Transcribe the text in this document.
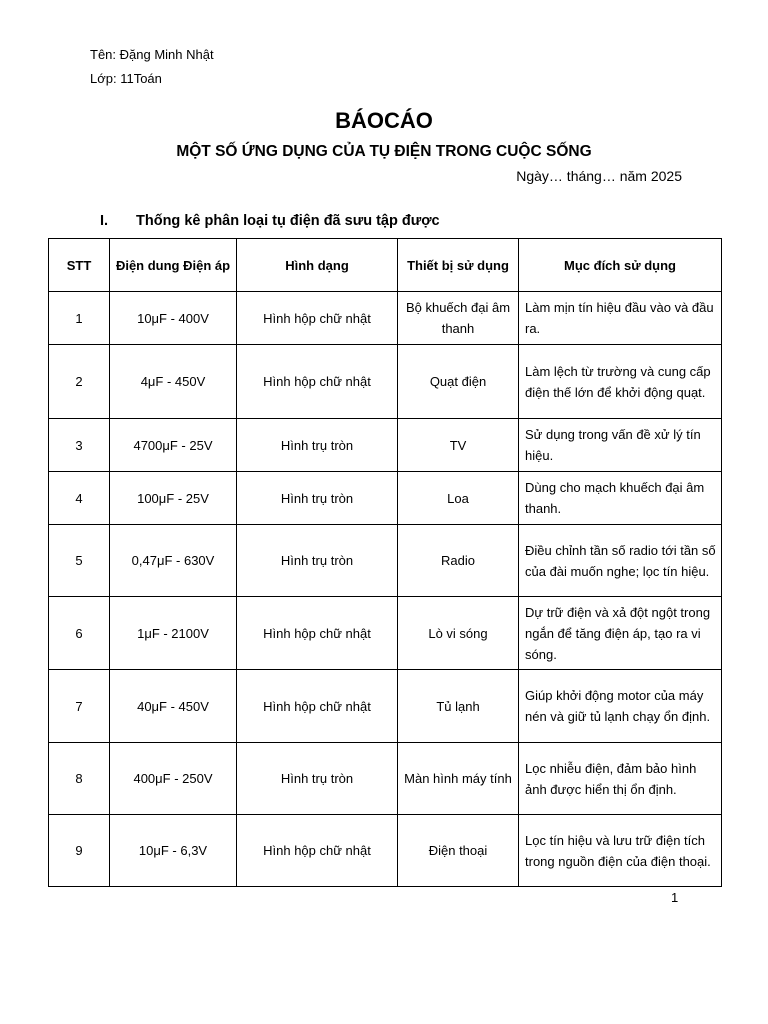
Tên: Đặng Minh Nhật
Lớp: 11Toán
BÁOCÁO
MỘT SỐ ỨNG DỤNG CỦA TỤ ĐIỆN TRONG CUỘC SỐNG
Ngày… tháng… năm 2025
I. Thống kê phân loại tụ điện đã sưu tập được
STT	Điện dung Điện áp	Hình dạng	Thiết bị sử dụng	Mục đích sử dụng
1	10μF - 400V	Hình hộp chữ nhật	Bộ khuếch đại âm thanh	Làm mịn tín hiệu đầu vào và đầu ra.
2	4μF - 450V	Hình hộp chữ nhật	Quạt điện	Làm lệch từ trường và cung cấp điện thế lớn để khởi động quạt.
3	4700μF - 25V	Hình trụ tròn	TV	Sử dụng trong vấn đề xử lý tín hiệu.
4	100μF - 25V	Hình trụ tròn	Loa	Dùng cho mạch khuếch đại âm thanh.
5	0,47μF - 630V	Hình trụ tròn	Radio	Điều chỉnh tần số radio tới tần số của đài muốn nghe; lọc tín hiệu.
6	1μF - 2100V	Hình hộp chữ nhật	Lò vi sóng	Dự trữ điện và xả đột ngột trong ngắn để tăng điện áp, tạo ra vi sóng.
7	40μF - 450V	Hình hộp chữ nhật	Tủ lạnh	Giúp khởi động motor của máy nén và giữ tủ lạnh chạy ổn định.
8	400μF - 250V	Hình trụ tròn	Màn hình máy tính	Lọc nhiễu điện, đảm bảo hình ảnh được hiển thị ổn định.
9	10μF - 6,3V	Hình hộp chữ nhật	Điện thoại	Lọc tín hiệu và lưu trữ điện tích trong nguồn điện của điện thoại.
1
